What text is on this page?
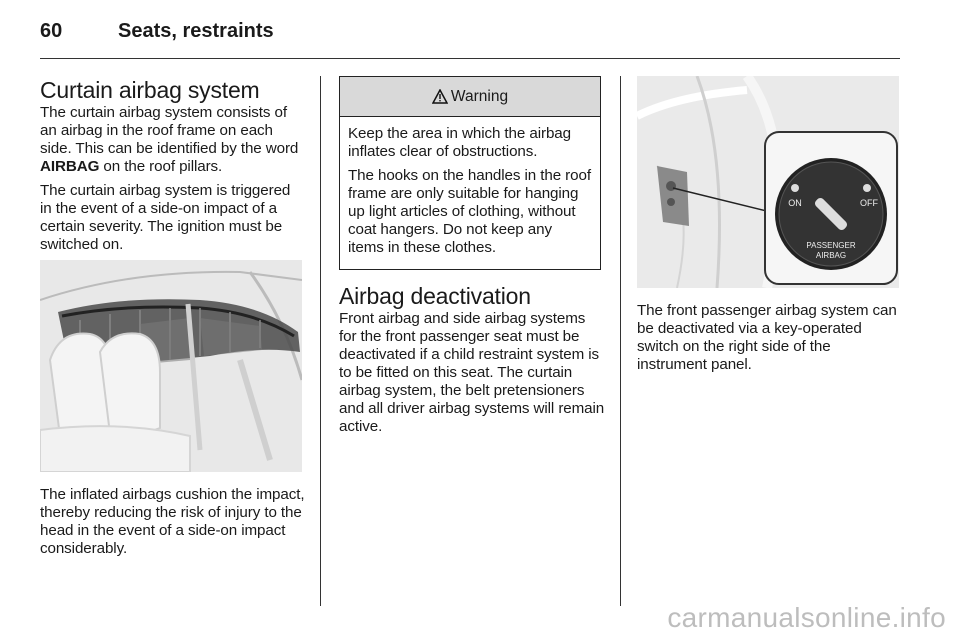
60	Seats, restraints
Curtain airbag system

The curtain airbag system consists of an airbag in the roof frame on each side. This can be identified by the word AIRBAG on the roof pillars.

The curtain airbag system is triggered in the event of a side-on impact of a certain severity. The ignition must be switched on.

The inflated airbags cushion the impact, thereby reducing the risk of injury to the head in the event of a side-on impact considerably.

Warning

Keep the area in which the airbag inflates clear of obstructions.

The hooks on the handles in the roof frame are only suitable for hanging up light articles of clothing, without coat hangers. Do not keep any items in these clothes.

Airbag deactivation

Front airbag and side airbag systems for the front passenger seat must be deactivated if a child restraint system is to be fitted on this seat. The curtain airbag system, the belt pretensioners and all driver airbag systems will remain active.

ON	OFF
PASSENGER
AIRBAG

The front passenger airbag system can be deactivated via a key-operated switch on the right side of the instrument panel.

carmanualsonline.info
